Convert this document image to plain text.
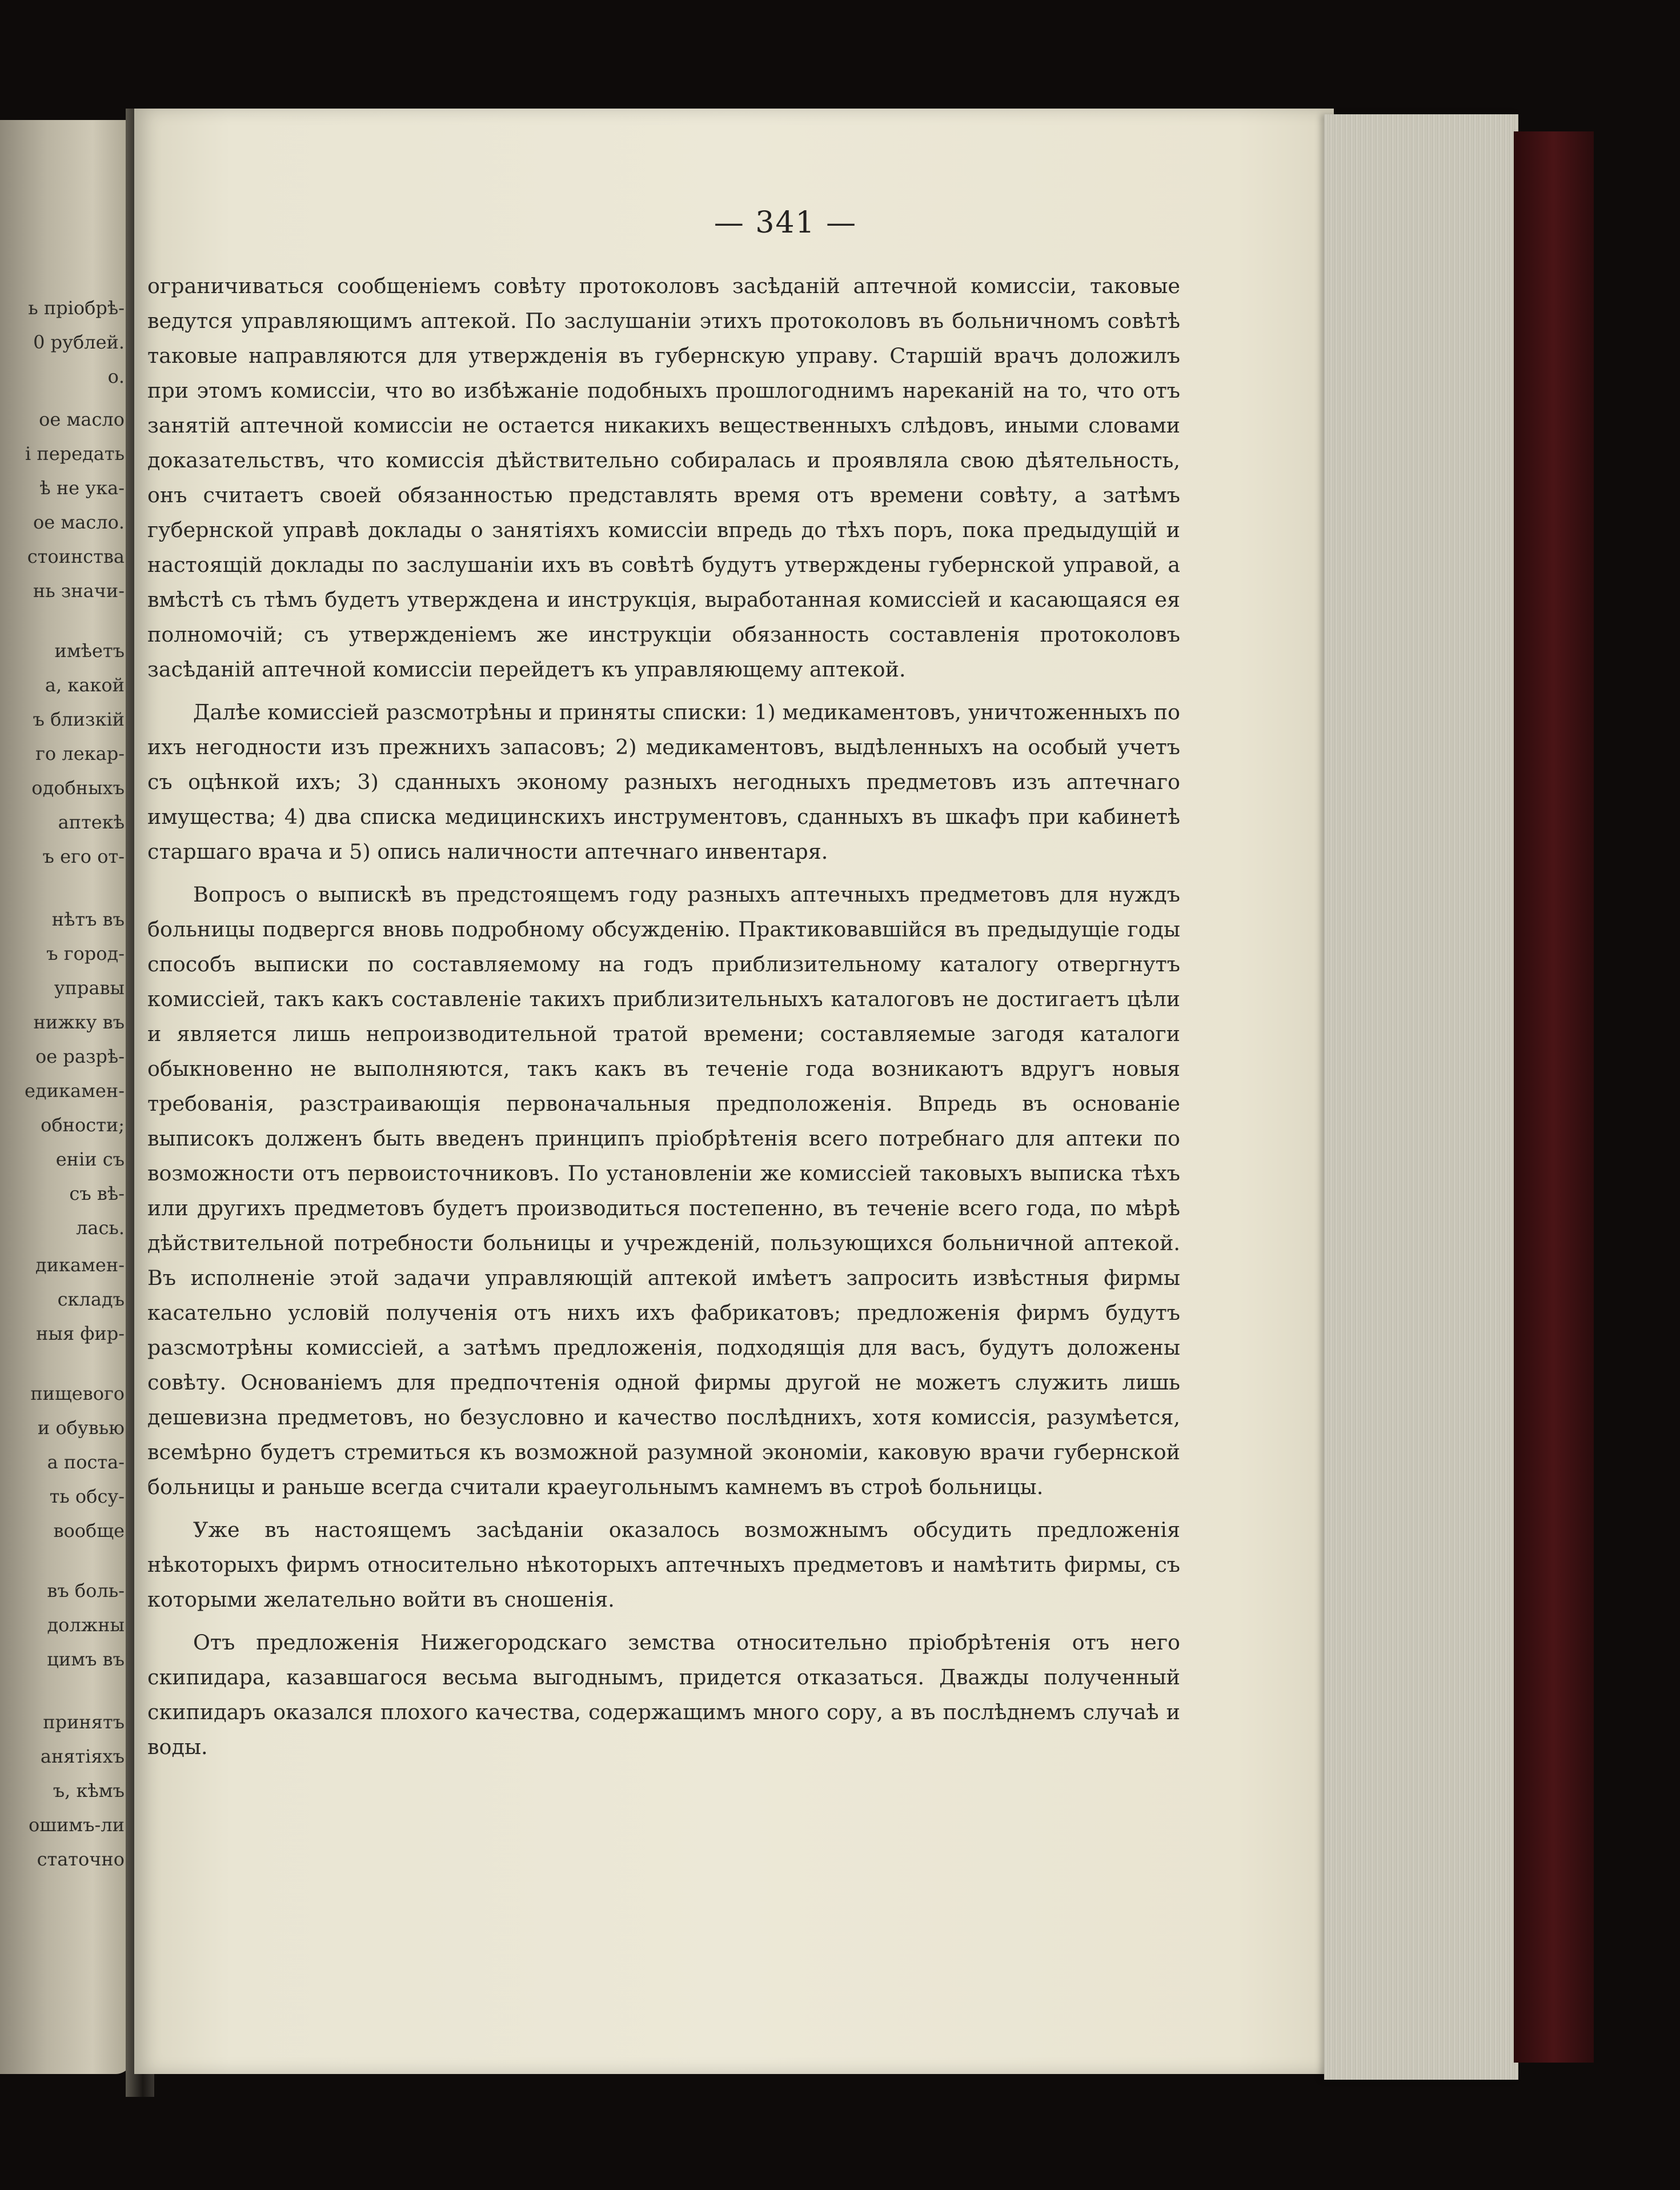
ь пріобрѣ-
0 рублей.
о.
ое масло
і передать
ѣ не ука-
ое масло.
стоинства
нь значи-
имѣетъ
а, какой
ъ близкій
го лекар-
одобныхъ
аптекѣ
ъ его от-
нѣтъ въ
ъ город-
управы
нижку въ
ое разрѣ-
едикамен-
обности;
еніи съ
съ вѣ-
лась.
дикамен-
складъ
ныя фир-
пищевого
и обувью
а поста-
ть обсу-
вообще
въ боль-
должны
цимъ въ
принятъ
анятіяхъ
ъ, кѣмъ
ошимъ-ли
статочно
— 341 —

ограничиваться сообщеніемъ совѣту протоколовъ засѣданій аптечной комиссіи, таковые ведутся управляющимъ аптекой. По заслушаніи этихъ протоколовъ въ больничномъ совѣтѣ таковые направляются для утвержденія въ губернскую управу. Старшій врачъ доложилъ при этомъ комиссіи, что во избѣжаніе подобныхъ прошлогоднимъ нареканій на то, что отъ занятій аптечной комиссіи не остается никакихъ вещественныхъ слѣдовъ, иными словами доказательствъ, что комиссія дѣйствительно собиралась и проявляла свою дѣятельность, онъ считаетъ своей обязанностью представлять время отъ времени совѣту, а затѣмъ губернской управѣ доклады о занятіяхъ комиссіи впредь до тѣхъ поръ, пока предыдущій и настоящій доклады по заслушаніи ихъ въ совѣтѣ будутъ утверждены губернской управой, а вмѣстѣ съ тѣмъ будетъ утверждена и инструкція, выработанная комиссіей и касающаяся ея полномочій; съ утвержденіемъ же инструкціи обязанность составленія протоколовъ засѣданій аптечной комиссіи перейдетъ къ управляющему аптекой.

Далѣе комиссіей разсмотрѣны и приняты списки: 1) медикаментовъ, уничтоженныхъ по ихъ негодности изъ прежнихъ запасовъ; 2) медикаментовъ, выдѣленныхъ на особый учетъ съ оцѣнкой ихъ; 3) сданныхъ эконому разныхъ негодныхъ предметовъ изъ аптечнаго имущества; 4) два списка медицинскихъ инструментовъ, сданныхъ въ шкафъ при кабинетѣ старшаго врача и 5) опись наличности аптечнаго инвентаря.

Вопросъ о выпискѣ въ предстоящемъ году разныхъ аптечныхъ предметовъ для нуждъ больницы подвергся вновь подробному обсужденію. Практиковавшійся въ предыдущіе годы способъ выписки по составляемому на годъ приблизительному каталогу отвергнутъ комиссіей, такъ какъ составленіе такихъ приблизительныхъ каталоговъ не достигаетъ цѣли и является лишь непроизводительной тратой времени; составляемые загодя каталоги обыкновенно не выполняются, такъ какъ въ теченіе года возникаютъ вдругъ новыя требованія, разстраивающія первоначальныя предположенія. Впредь въ основаніе выписокъ долженъ быть введенъ принципъ пріобрѣтенія всего потребнаго для аптеки по возможности отъ первоисточниковъ. По установленіи же комиссіей таковыхъ выписка тѣхъ или другихъ предметовъ будетъ производиться постепенно, въ теченіе всего года, по мѣрѣ дѣйствительной потребности больницы и учрежденій, пользующихся больничной аптекой. Въ исполненіе этой задачи управляющій аптекой имѣетъ запросить извѣстныя фирмы касательно условій полученія отъ нихъ ихъ фабрикатовъ; предложенія фирмъ будутъ разсмотрѣны комиссіей, а затѣмъ предложенія, подходящія для васъ, будутъ доложены совѣту. Основаніемъ для предпочтенія одной фирмы другой не можетъ служить лишь дешевизна предметовъ, но безусловно и качество послѣднихъ, хотя комиссія, разумѣется, всемѣрно будетъ стремиться къ возможной разумной экономіи, каковую врачи губернской больницы и раньше всегда считали краеугольнымъ камнемъ въ строѣ больницы.

Уже въ настоящемъ засѣданіи оказалось возможнымъ обсудить предложенія нѣкоторыхъ фирмъ относительно нѣкоторыхъ аптечныхъ предметовъ и намѣтить фирмы, съ которыми желательно войти въ сношенія.

Отъ предложенія Нижегородскаго земства относительно пріобрѣтенія отъ него скипидара, казавшагося весьма выгоднымъ, придется отказаться. Дважды полученный скипидаръ оказался плохого качества, содержащимъ много сору, а въ послѣднемъ случаѣ и воды.
